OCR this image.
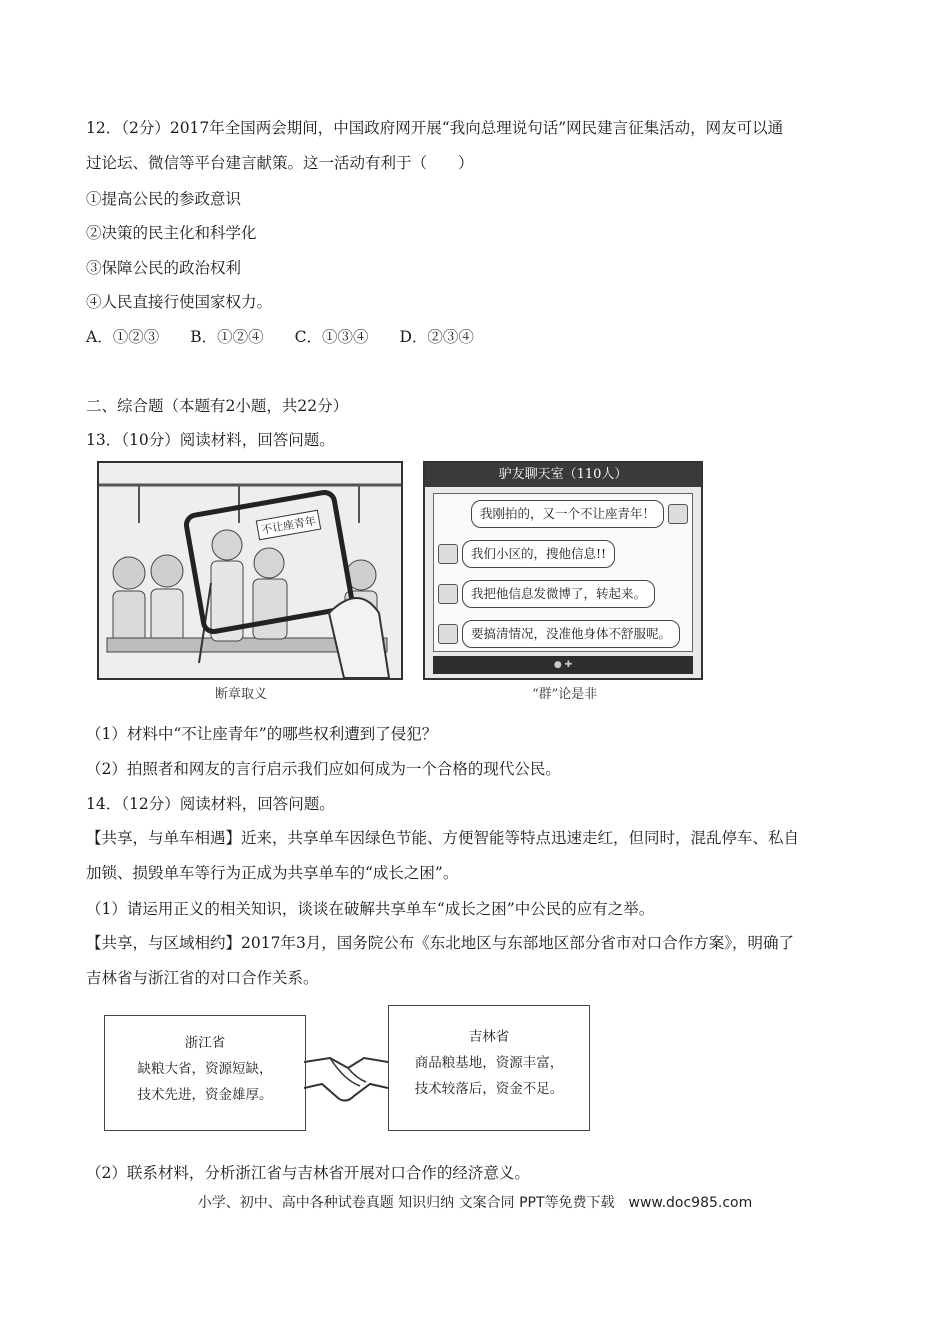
12．（2分）2017年全国两会期间，中国政府网开展“我向总理说句话”网民建言征集活动，网友可以通
过论坛、微信等平台建言献策。这一活动有利于（　　）
①提高公民的参政意识
②决策的民主化和科学化
③保障公民的政治权利
④人民直接行使国家权力。
A．①②③　　B．①②④　　C．①③④　　D．②③④
二、综合题（本题有2小题，共22分）
13．（10分）阅读材料，回答问题。
不让座青年
断章取义
驴友聊天室（110人）
我刚拍的，又一个不让座青年！
我们小区的，搜他信息!!
我把他信息发微博了，转起来。
要搞清情况，没准他身体不舒服呢。
● ✚
“群”论是非
（1）材料中“不让座青年”的哪些权利遭到了侵犯？
（2）拍照者和网友的言行启示我们应如何成为一个合格的现代公民。
14．（12分）阅读材料，回答问题。
【共享，与单车相遇】近来，共享单车因绿色节能、方便智能等特点迅速走红，但同时，混乱停车、私自
加锁、损毁单车等行为正成为共享单车的“成长之困”。
（1）请运用正义的相关知识，谈谈在破解共享单车“成长之困”中公民的应有之举。
【共享，与区域相约】2017年3月，国务院公布《东北地区与东部地区部分省市对口合作方案》，明确了
吉林省与浙江省的对口合作关系。
浙江省
缺粮大省，资源短缺，
技术先进，资金雄厚。
吉林省
商品粮基地，资源丰富，
技术较落后，资金不足。
（2）联系材料，分析浙江省与吉林省开展对口合作的经济意义。
小学、初中、高中各种试卷真题 知识归纳 文案合同 PPT等免费下载　www.doc985.com
